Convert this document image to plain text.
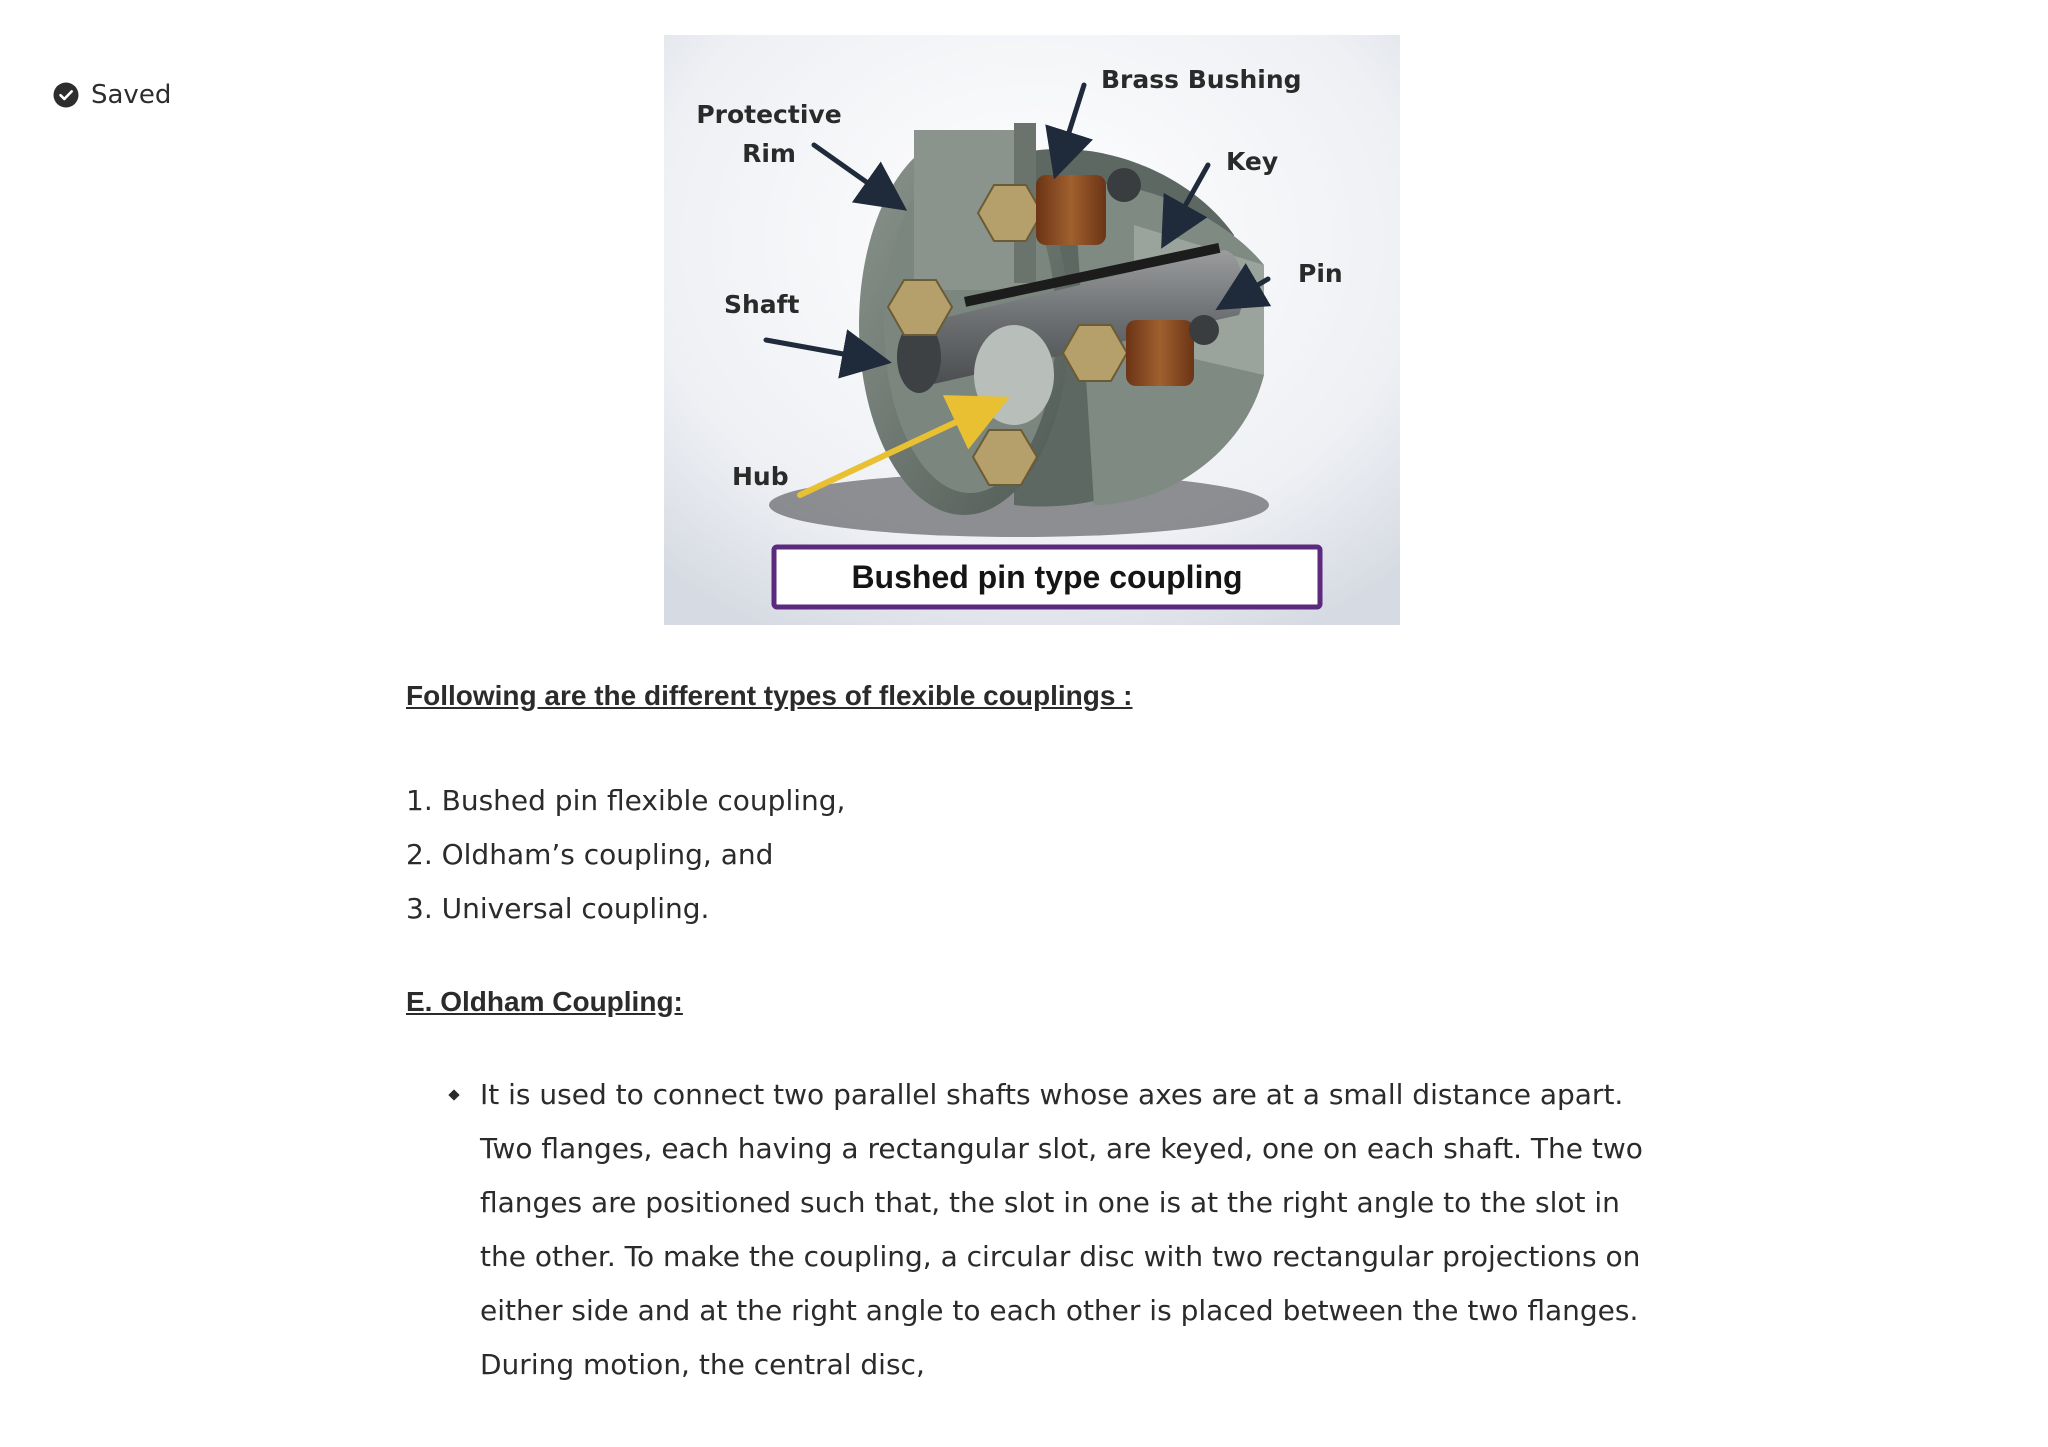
Saved
Protective
Rim
Brass Bushing
Key
Pin
Shaft
Hub
Bushed pin type coupling
Following are the different types of flexible couplings :
1. Bushed pin flexible coupling,
2. Oldham’s coupling, and
3. Universal coupling.
E. Oldham Coupling:
It is used to connect two parallel shafts whose axes are at a small distance apart. Two flanges, each having a rectangular slot, are keyed, one on each shaft. The two flanges are positioned such that, the slot in one is at the right angle to the slot in the other. To make the coupling, a circular disc with two rectangular projections on either side and at the right angle to each other is placed between the two flanges. During motion, the central disc,
